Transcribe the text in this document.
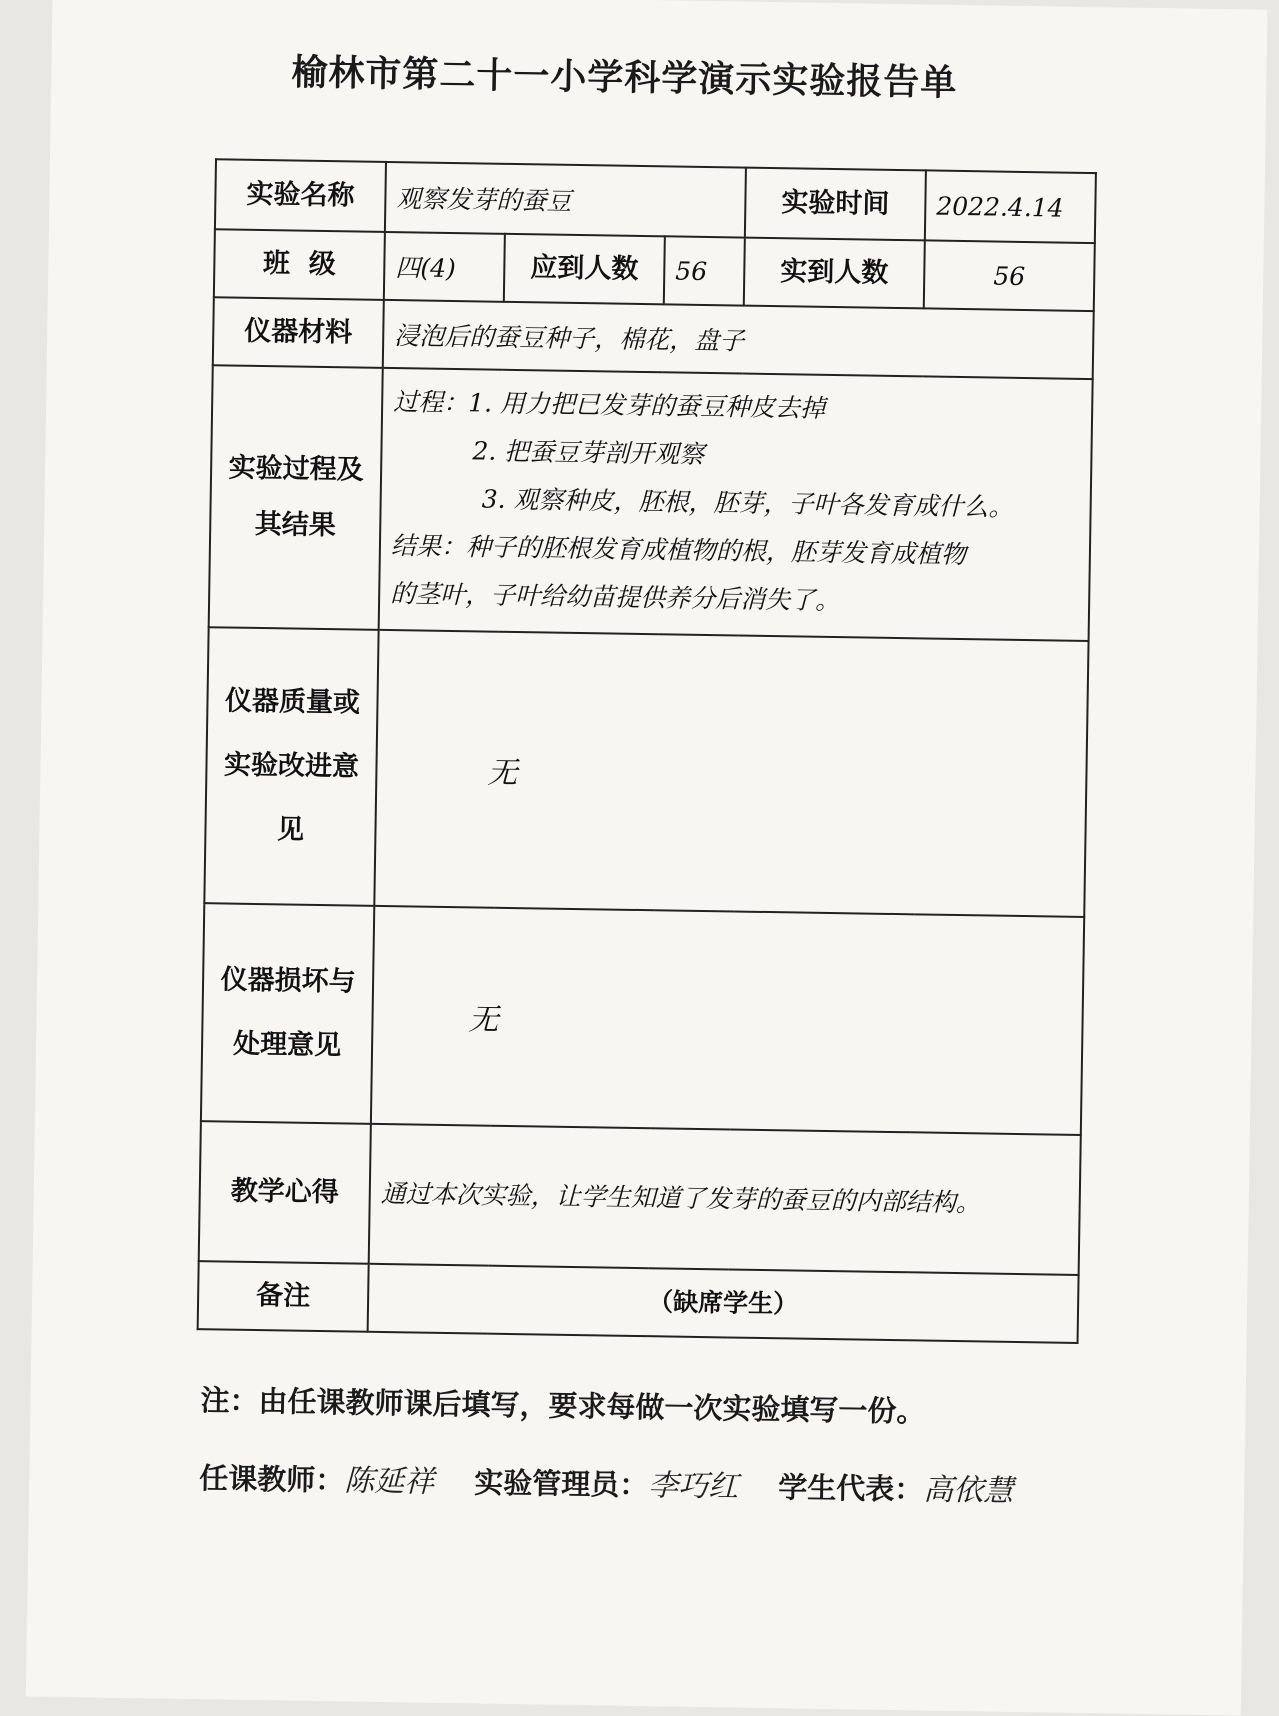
榆林市第二十一小学科学演示实验报告单
实验名称	观察发芽的蚕豆			实验时间	2022.4.14
班  级	四(4)	应到人数	56	实到人数	56
仪器材料	浸泡后的蚕豆种子，棉花，盘子				
实验过程及其结果	过程：1. 用力把已发芽的蚕豆种皮去掉
2. 把蚕豆芽剖开观察
3. 观察种皮，胚根，胚芽，子叶各发育成什么。
结果：种子的胚根发育成植物的根，胚芽发育成植物
的茎叶，子叶给幼苗提供养分后消失了。				

仪器质量或实验改进意见	无				
仪器损坏与处理意见	无				
教学心得	通过本次实验，让学生知道了发芽的蚕豆的内部结构。				
备注	（缺席学生）				
注：由任课教师课后填写，要求每做一次实验填写一份。
任课教师：陈延祥 实验管理员：李巧红 学生代表：高依慧
